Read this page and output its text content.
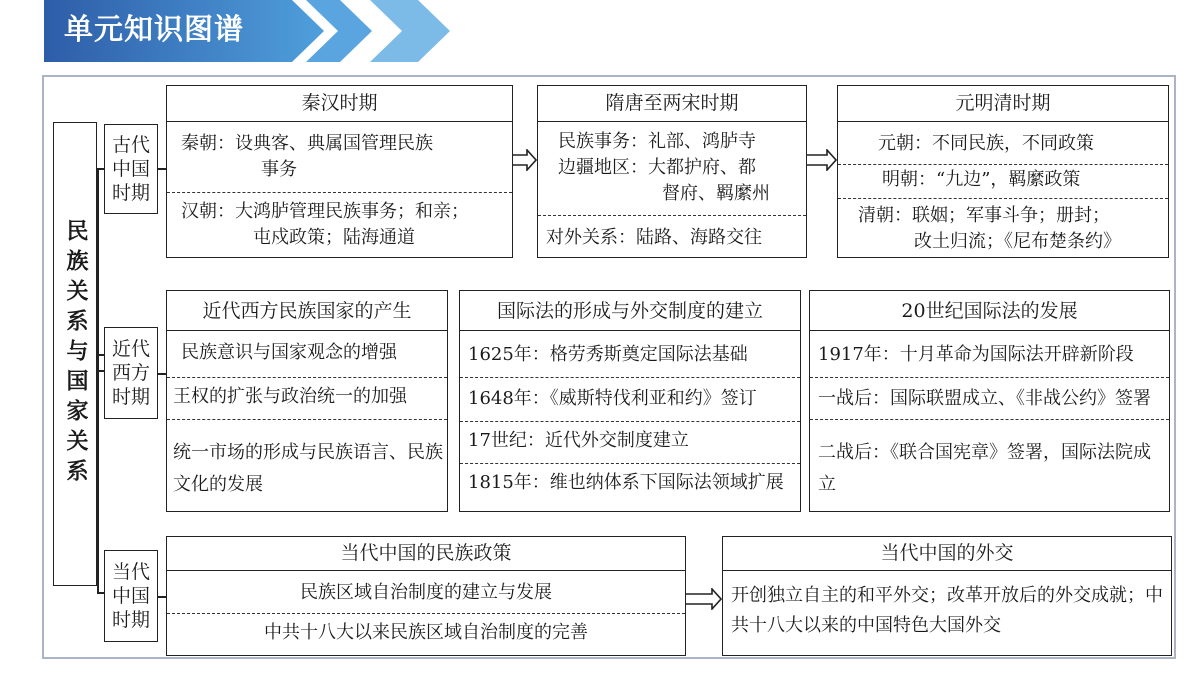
单元知识图谱
民族关系与国家关系
古代中国时期
近代西方时期
当代中国时期
秦汉时期
秦朝：设典客、典属国管理民族
事务
汉朝：大鸿胪管理民族事务；和亲；
屯戍政策；陆海通道
隋唐至两宋时期
民族事务：礼部、鸿胪寺
边疆地区：大都护府、都
督府、羁縻州
对外关系：陆路、海路交往
元明清时期
元朝：不同民族，不同政策
明朝：“九边”，羁縻政策
清朝：联姻；军事斗争；册封；
改土归流；《尼布楚条约》
近代西方民族国家的产生
民族意识与国家观念的增强
王权的扩张与政治统一的加强
统一市场的形成与民族语言、民族文化的发展
国际法的形成与外交制度的建立
1625年：格劳秀斯奠定国际法基础
1648年：《威斯特伐利亚和约》签订
17世纪：近代外交制度建立
1815年：维也纳体系下国际法领域扩展
20世纪国际法的发展
1917年：十月革命为国际法开辟新阶段
一战后：国际联盟成立、《非战公约》签署
二战后：《联合国宪章》签署，国际法院成立
当代中国的民族政策
民族区域自治制度的建立与发展
中共十八大以来民族区域自治制度的完善
当代中国的外交
开创独立自主的和平外交；改革开放后的外交成就；中共十八大以来的中国特色大国外交
